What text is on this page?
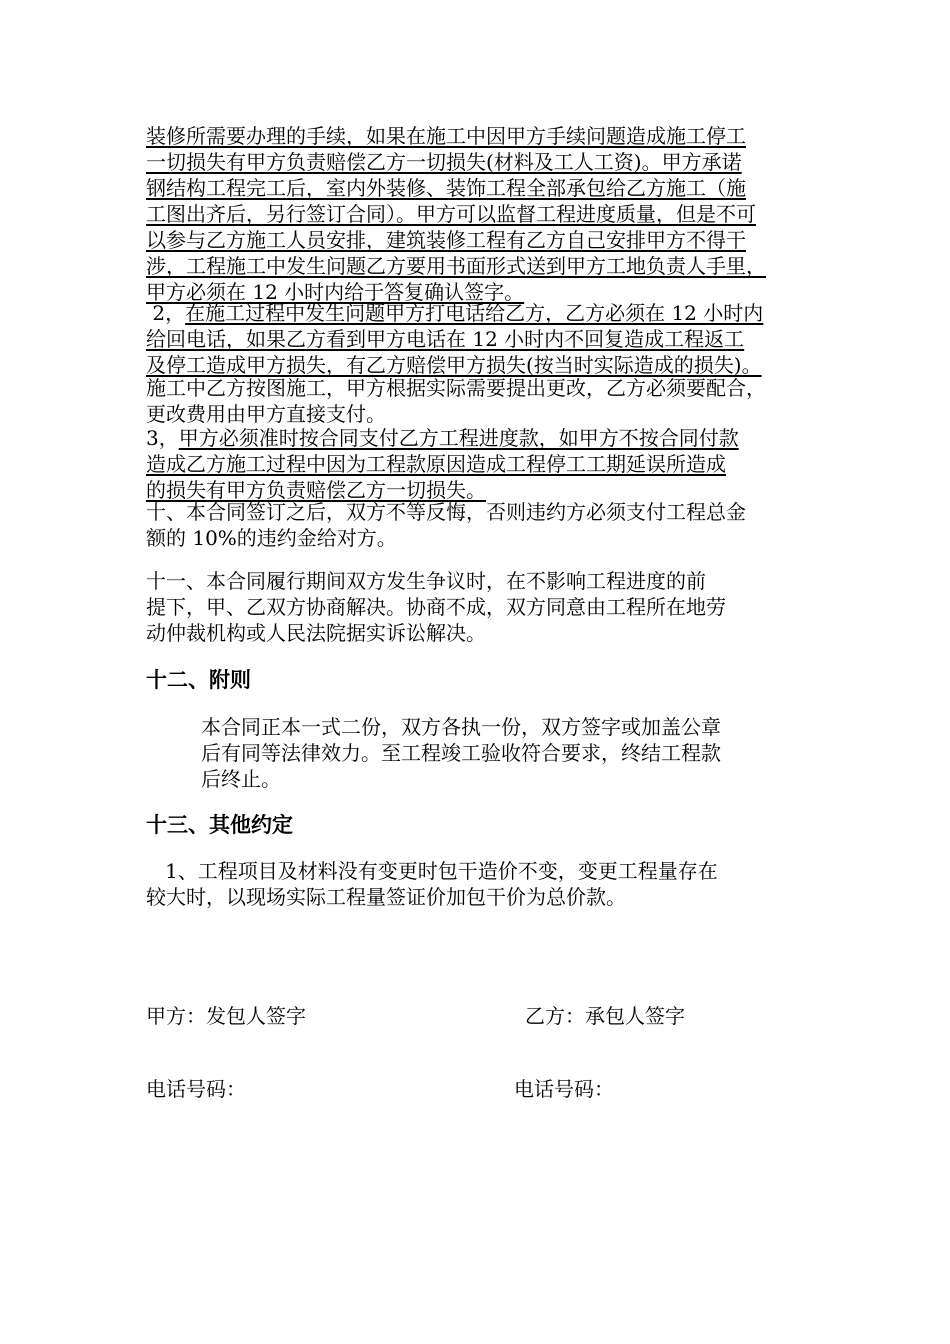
装修所需要办理的手续，如果在施工中因甲方手续问题造成施工停工
一切损失有甲方负责赔偿乙方一切损失(材料及工人工资)。甲方承诺
钢结构工程完工后，室内外装修、装饰工程全部承包给乙方施工（施
工图出齐后，另行签订合同）。甲方可以监督工程进度质量，但是不可
以参与乙方施工人员安排，建筑装修工程有乙方自己安排甲方不得干
涉，工程施工中发生问题乙方要用书面形式送到甲方工地负责人手里，
甲方必须在 12 小时内给于答复确认签字。
2，在施工过程中发生问题甲方打电话给乙方，乙方必须在 12 小时内
给回电话，如果乙方看到甲方电话在 12 小时内不回复造成工程返工
及停工造成甲方损失，有乙方赔偿甲方损失(按当时实际造成的损失)。
施工中乙方按图施工，甲方根据实际需要提出更改，乙方必须要配合，
更改费用由甲方直接支付。
3，甲方必须准时按合同支付乙方工程进度款，如甲方不按合同付款
造成乙方施工过程中因为工程款原因造成工程停工工期延误所造成
的损失有甲方负责赔偿乙方一切损失。
十、本合同签订之后，双方不等反悔，否则违约方必须支付工程总金
额的 10%的违约金给对方。
十一、本合同履行期间双方发生争议时，在不影响工程进度的前
提下，甲、乙双方协商解决。协商不成，双方同意由工程所在地劳
动仲裁机构或人民法院据实诉讼解决。
十二、附则
本合同正本一式二份，双方各执一份，双方签字或加盖公章
后有同等法律效力。至工程竣工验收符合要求，终结工程款
后终止。
十三、其他约定
1、工程项目及材料没有变更时包干造价不变，变更工程量存在
较大时，以现场实际工程量签证价加包干价为总价款。
甲方：发包人签字	乙方：承包人签字
电话号码：	电话号码：
